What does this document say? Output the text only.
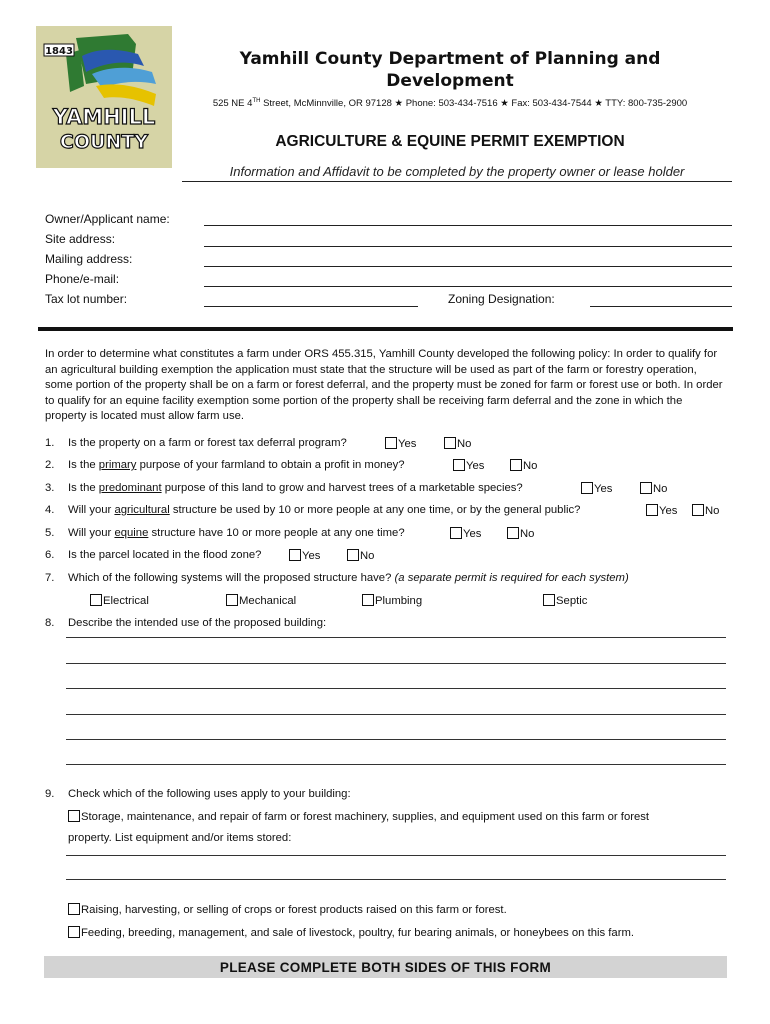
1843
YAMHILL
COUNTY
Yamhill County Department of Planning and
Development
525 NE 4TH Street, McMinnville, OR 97128 ★ Phone: 503-434-7516 ★ Fax: 503-434-7544 ★ TTY: 800-735-2900
AGRICULTURE & EQUINE PERMIT EXEMPTION
Information and Affidavit to be completed by the property owner or lease holder
Owner/Applicant name:
Site address:
Mailing address:
Phone/e-mail:
Tax lot number:	Zoning Designation:
In order to determine what constitutes a farm under ORS 455.315, Yamhill County developed the following policy: In order to qualify for an agricultural building exemption the application must state that the structure will be used as part of the farm or forestry operation, some portion of the property shall be on a farm or forest deferral, and the property must be zoned for farm or forest use or both. In order to qualify for an equine facility exemption some portion of the property shall be receiving farm deferral and the zone in which the property is located must allow farm use.
1. Is the property on a farm or forest tax deferral program?	Yes	No
2. Is the primary purpose of your farmland to obtain a profit in money?	Yes	No
3. Is the predominant purpose of this land to grow and harvest trees of a marketable species?	Yes	No
4. Will your agricultural structure be used by 10 or more people at any one time, or by the general public?	Yes	No
5. Will your equine structure have 10 or more people at any one time?	Yes	No
6. Is the parcel located in the flood zone?	Yes	No
7. Which of the following systems will the proposed structure have? (a separate permit is required for each system)
Electrical	Mechanical	Plumbing	Septic
8. Describe the intended use of the proposed building:
9. Check which of the following uses apply to your building:
Storage, maintenance, and repair of farm or forest machinery, supplies, and equipment used on this farm or forest
property. List equipment and/or items stored:
Raising, harvesting, or selling of crops or forest products raised on this farm or forest.
Feeding, breeding, management, and sale of livestock, poultry, fur bearing animals, or honeybees on this farm.
PLEASE COMPLETE BOTH SIDES OF THIS FORM
